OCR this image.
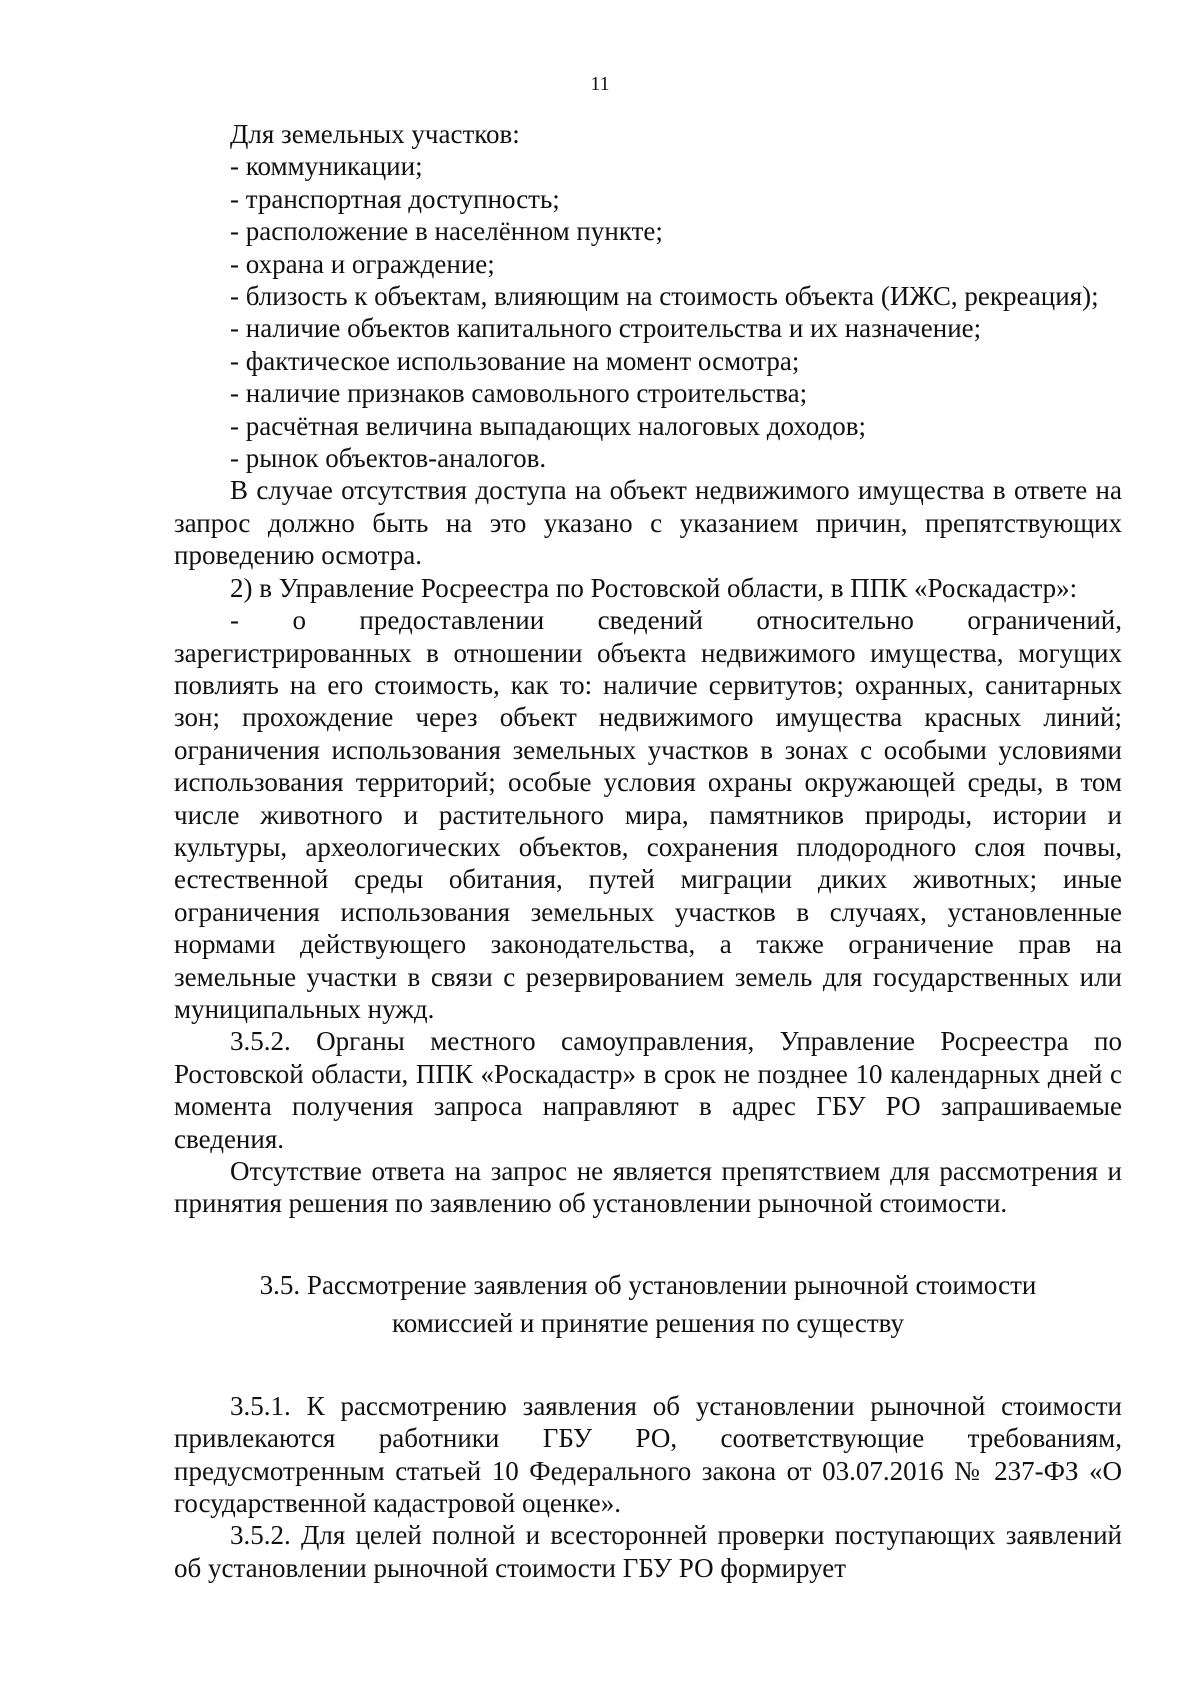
11

Для земельных участков:

- коммуникации;

- транспортная доступность;

- расположение в населённом пункте;

- охрана и ограждение;

- близость к объектам, влияющим на стоимость объекта (ИЖС, рекреация);

- наличие объектов капитального строительства и их назначение;

- фактическое использование на момент осмотра;

- наличие признаков самовольного строительства;

- расчётная величина выпадающих налоговых доходов;

- рынок объектов-аналогов.

В случае отсутствия доступа на объект недвижимого имущества в ответе на запрос должно быть на это указано с указанием причин, препятствующих проведению осмотра.

2) в Управление Росреестра по Ростовской области, в ППК «Роскадастр»:

- о предоставлении сведений относительно ограничений, зарегистрированных в отношении объекта недвижимого имущества, могущих повлиять на его стоимость, как то: наличие сервитутов; охранных, санитарных зон; прохождение через объект недвижимого имущества красных линий; ограничения использования земельных участков в зонах с особыми условиями использования территорий; особые условия охраны окружающей среды, в том числе животного и растительного мира, памятников природы, истории и культуры, археологических объектов, сохранения плодородного слоя почвы, естественной среды обитания, путей миграции диких животных; иные ограничения использования земельных участков в случаях, установленные нормами действующего законодательства, а также ограничение прав на земельные участки в связи с резервированием земель для государственных или муниципальных нужд.

3.5.2. Органы местного самоуправления, Управление Росреестра по Ростовской области, ППК «Роскадастр» в срок не позднее 10 календарных дней с момента получения запроса направляют в адрес ГБУ РО запрашиваемые сведения.

Отсутствие ответа на запрос не является препятствием для рассмотрения и принятия решения по заявлению об установлении рыночной стоимости.

3.5. Рассмотрение заявления об установлении рыночной стоимости
комиссией и принятие решения по существу

3.5.1. К рассмотрению заявления об установлении рыночной стоимости привлекаются работники ГБУ РО, соответствующие требованиям, предусмотренным статьей 10 Федерального закона от 03.07.2016 № 237-ФЗ «О государственной кадастровой оценке».

3.5.2. Для целей полной и всесторонней проверки поступающих заявлений об установлении рыночной стоимости ГБУ РО формирует
